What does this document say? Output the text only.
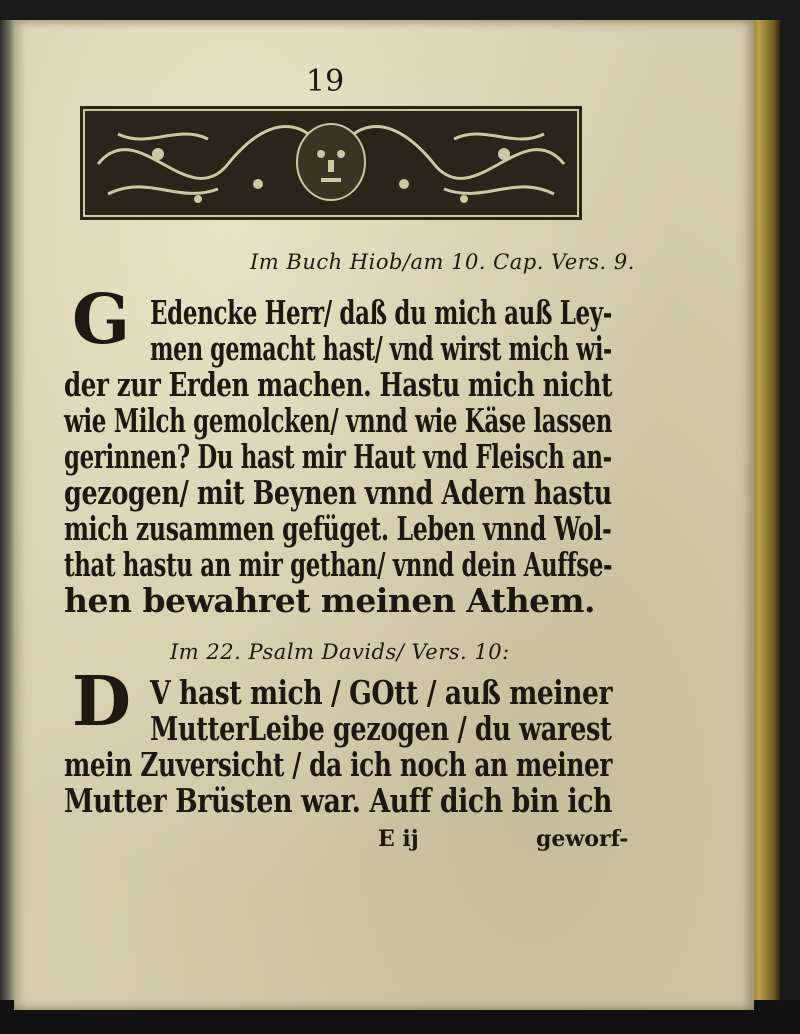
19
Im Buch Hiob/am 10. Cap. Vers. 9.
G Edencke Herr/ daß du mich auß Ley-
men gemacht hast/ vnd wirst mich wi-
der zur Erden machen. Hastu mich nicht
wie Milch gemolcken/ vnnd wie Käse lassen
gerinnen? Du hast mir Haut vnd Fleisch an-
gezogen/ mit Beynen vnnd Adern hastu
mich zusammen gefüget. Leben vnnd Wol-
that hastu an mir gethan/ vnnd dein Auffse-
hen bewahret meinen Athem.
Im 22. Psalm Davids/ Vers. 10:
D V hast mich / GOtt / auß meiner
MutterLeibe gezogen / du warest
mein Zuversicht / da ich noch an meiner
Mutter Brüsten war. Auff dich bin ich
E ij	geworf-
